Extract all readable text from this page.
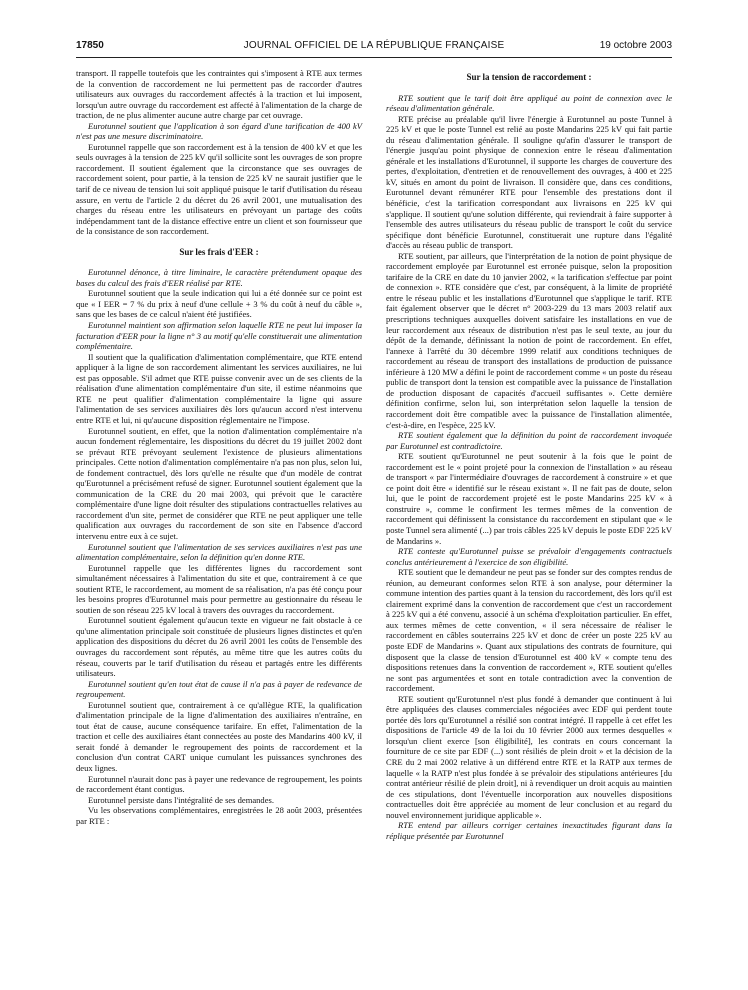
17850	JOURNAL OFFICIEL DE LA RÉPUBLIQUE FRANÇAISE	19 octobre 2003

transport. Il rappelle toutefois que les contraintes qui s'imposent à RTE aux termes de la convention de raccordement ne lui permettent pas de raccorder d'autres utilisateurs aux ouvrages du raccordement affectés à la traction et lui imposent, lorsqu'un autre ouvrage du raccordement est affecté à l'alimentation de la charge de traction, de ne plus alimenter aucune autre charge par cet ouvrage.

Eurotunnel soutient que l'application à son égard d'une tarification de 400 kV n'est pas une mesure discriminatoire.

Eurotunnel rappelle que son raccordement est à la tension de 400 kV et que les seuls ouvrages à la tension de 225 kV qu'il sollicite sont les ouvrages de son propre raccordement. Il soutient également que la circonstance que ses ouvrages de raccordement soient, pour partie, à la tension de 225 kV ne saurait justifier que le tarif de ce niveau de tension lui soit appliqué puisque le tarif d'utilisation du réseau assure, en vertu de l'article 2 du décret du 26 avril 2001, une mutualisation des charges du réseau entre les utilisateurs en prévoyant un partage des coûts indépendamment tant de la distance effective entre un client et son fournisseur que de la consistance de son raccordement.

Sur les frais d'EER :

Eurotunnel dénonce, à titre liminaire, le caractère prétendument opaque des bases du calcul des frais d'EER réalisé par RTE.

Eurotunnel soutient que la seule indication qui lui a été donnée sur ce point est que « I EER = 7 % du prix à neuf d'une cellule + 3 % du coût à neuf du câble », sans que les bases de ce calcul n'aient été justifiées.

Eurotunnel maintient son affirmation selon laquelle RTE ne peut lui imposer la facturation d'EER pour la ligne n° 3 au motif qu'elle constituerait une alimentation complémentaire.

Il soutient que la qualification d'alimentation complémentaire, que RTE entend appliquer à la ligne de son raccordement alimentant les services auxiliaires, ne lui est pas opposable. S'il admet que RTE puisse convenir avec un de ses clients de la réalisation d'une alimentation complémentaire d'un site, il estime néanmoins que RTE ne peut qualifier d'alimentation complémentaire la ligne qui assure l'alimentation de ses services auxiliaires dès lors qu'aucun accord n'est intervenu entre RTE et lui, ni qu'aucune disposition réglementaire ne l'impose.

Eurotunnel soutient, en effet, que la notion d'alimentation complémentaire n'a aucun fondement réglementaire, les dispositions du décret du 19 juillet 2002 dont se prévaut RTE prévoyant seulement l'existence de plusieurs alimentations principales. Cette notion d'alimentation complémentaire n'a pas non plus, selon lui, de fondement contractuel, dès lors qu'elle ne résulte que d'un modèle de contrat qu'Eurotunnel a précisément refusé de signer. Eurotunnel soutient également que la communication de la CRE du 20 mai 2003, qui prévoit que le caractère complémentaire d'une ligne doit résulter des stipulations contractuelles relatives au raccordement d'un site, permet de considérer que RTE ne peut appliquer une telle qualification aux ouvrages du raccordement de son site en l'absence d'accord intervenu entre eux à ce sujet.

Eurotunnel soutient que l'alimentation de ses services auxiliaires n'est pas une alimentation complémentaire, selon la définition qu'en donne RTE.

Eurotunnel rappelle que les différentes lignes du raccordement sont simultanément nécessaires à l'alimentation du site et que, contrairement à ce que soutient RTE, le raccordement, au moment de sa réalisation, n'a pas été conçu pour les besoins propres d'Eurotunnel mais pour permettre au gestionnaire du réseau le soutien de son réseau 225 kV local à travers des ouvrages du raccordement.

Eurotunnel soutient également qu'aucun texte en vigueur ne fait obstacle à ce qu'une alimentation principale soit constituée de plusieurs lignes distinctes et qu'en application des dispositions du décret du 26 avril 2001 les coûts de l'ensemble des ouvrages du raccordement sont réputés, au même titre que les autres coûts du réseau, couverts par le tarif d'utilisation du réseau et partagés entre les différents utilisateurs.

Eurotunnel soutient qu'en tout état de cause il n'a pas à payer de redevance de regroupement.

Eurotunnel soutient que, contrairement à ce qu'allègue RTE, la qualification d'alimentation principale de la ligne d'alimentation des auxiliaires n'entraîne, en tout état de cause, aucune conséquence tarifaire. En effet, l'alimentation de la traction et celle des auxiliaires étant connectées au poste des Mandarins 400 kV, il serait fondé à demander le regroupement des points de raccordement et la conclusion d'un contrat CART unique cumulant les puissances synchrones des deux lignes.

Eurotunnel n'aurait donc pas à payer une redevance de regroupement, les points de raccordement étant contigus.

Eurotunnel persiste dans l'intégralité de ses demandes.

Vu les observations complémentaires, enregistrées le 28 août 2003, présentées par RTE :

Sur la tension de raccordement :

RTE soutient que le tarif doit être appliqué au point de connexion avec le réseau d'alimentation générale.

RTE précise au préalable qu'il livre l'énergie à Eurotunnel au poste Tunnel à 225 kV et que le poste Tunnel est relié au poste Mandarins 225 kV qui fait partie du réseau d'alimentation générale. Il souligne qu'afin d'assurer le transport de l'énergie jusqu'au point physique de connexion entre le réseau d'alimentation générale et les installations d'Eurotunnel, il supporte les charges de couverture des pertes, d'exploitation, d'entretien et de renouvellement des ouvrages, à 400 et 225 kV, situés en amont du point de livraison. Il considère que, dans ces conditions, Eurotunnel devant rémunérer RTE pour l'ensemble des prestations dont il bénéficie, c'est la tarification correspondant aux livraisons en 225 kV qui s'applique. Il soutient qu'une solution différente, qui reviendrait à faire supporter à l'ensemble des autres utilisateurs du réseau public de transport le coût du service spécifique dont bénéficie Eurotunnel, constituerait une rupture dans l'égalité d'accès au réseau public de transport.

RTE soutient, par ailleurs, que l'interprétation de la notion de point physique de raccordement employée par Eurotunnel est erronée puisque, selon la proposition tarifaire de la CRE en date du 10 janvier 2002, « la tarification s'effectue par point de connexion ». RTE considère que c'est, par conséquent, à la limite de propriété entre le réseau public et les installations d'Eurotunnel que s'applique le tarif. RTE fait également observer que le décret n° 2003-229 du 13 mars 2003 relatif aux prescriptions techniques auxquelles doivent satisfaire les installations en vue de leur raccordement aux réseaux de distribution n'est pas le seul texte, au jour du dépôt de la demande, définissant la notion de point de raccordement. En effet, l'annexe à l'arrêté du 30 décembre 1999 relatif aux conditions techniques de raccordement au réseau de transport des installations de production de puissance inférieure à 120 MW a défini le point de raccordement comme « un poste du réseau public de transport dont la tension est compatible avec la puissance de l'installation de production disposant de capacités d'accueil suffisantes ». Cette dernière définition confirme, selon lui, son interprétation selon laquelle la tension de raccordement doit être compatible avec la puissance de l'installation alimentée, c'est-à-dire, en l'espèce, 225 kV.

RTE soutient également que la définition du point de raccordement invoquée par Eurotunnel est contradictoire.

RTE soutient qu'Eurotunnel ne peut soutenir à la fois que le point de raccordement est le « point projeté pour la connexion de l'installation » au réseau de transport « par l'intermédiaire d'ouvrages de raccordement à construire » et que ce point doit être « identifié sur le réseau existant ». Il ne fait pas de doute, selon lui, que le point de raccordement projeté est le poste Mandarins 225 kV « à construire », comme le confirment les termes mêmes de la convention de raccordement qui définissent la consistance du raccordement en stipulant que « le poste Tunnel sera alimenté (...) par trois câbles 225 kV depuis le poste EDF 225 kV de Mandarins ».

RTE conteste qu'Eurotunnel puisse se prévaloir d'engagements contractuels conclus antérieurement à l'exercice de son éligibilité.

RTE soutient que le demandeur ne peut pas se fonder sur des comptes rendus de réunion, au demeurant conformes selon RTE à son analyse, pour déterminer la commune intention des parties quant à la tension du raccordement, dès lors qu'il est clairement exprimé dans la convention de raccordement que c'est un raccordement à 225 kV qui a été convenu, associé à un schéma d'exploitation particulier. En effet, aux termes mêmes de cette convention, « il sera nécessaire de réaliser le raccordement en câbles souterrains 225 kV et donc de créer un poste 225 kV au poste EDF de Mandarins ». Quant aux stipulations des contrats de fourniture, qui disposent que la classe de tension d'Eurotunnel est 400 kV « compte tenu des dispositions retenues dans la convention de raccordement », RTE soutient qu'elles ne sont pas argumentées et sont en totale contradiction avec la convention de raccordement.

RTE soutient qu'Eurotunnel n'est plus fondé à demander que continuent à lui être appliquées des clauses commerciales négociées avec EDF qui perdent toute portée dès lors qu'Eurotunnel a résilié son contrat intégré. Il rappelle à cet effet les dispositions de l'article 49 de la loi du 10 février 2000 aux termes desquelles « lorsqu'un client exerce [son éligibilité], les contrats en cours concernant la fourniture de ce site par EDF (...) sont résiliés de plein droit » et la décision de la CRE du 2 mai 2002 relative à un différend entre RTE et la RATP aux termes de laquelle « la RATP n'est plus fondée à se prévaloir des stipulations antérieures [du contrat antérieur résilié de plein droit], ni à revendiquer un droit acquis au maintien de ces stipulations, dont l'éventuelle incorporation aux nouvelles dispositions contractuelles doit être appréciée au moment de leur conclusion et au regard du nouvel environnement juridique applicable ».

RTE entend par ailleurs corriger certaines inexactitudes figurant dans la réplique présentée par Eurotunnel
